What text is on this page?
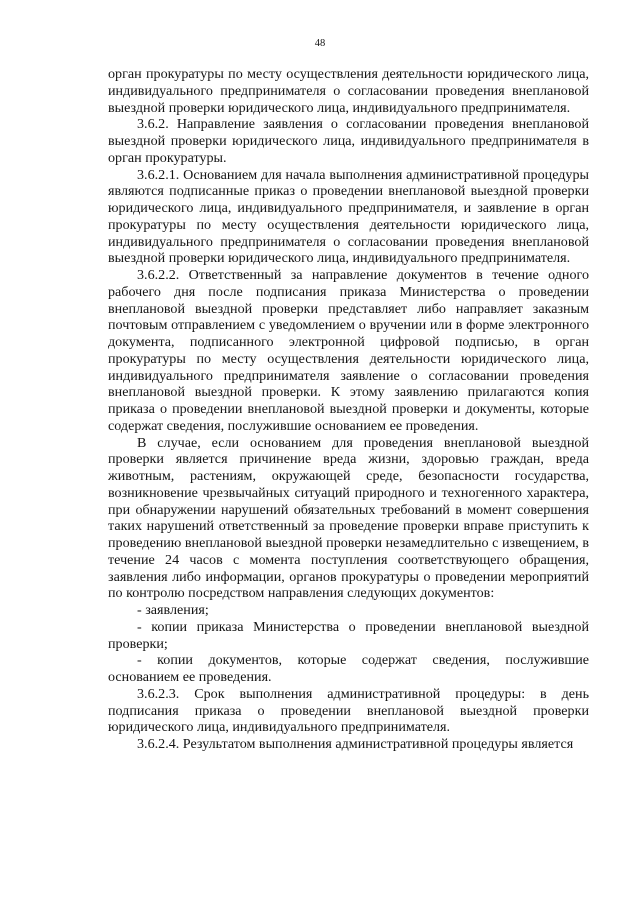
48

орган прокуратуры по месту осуществления деятельности юридического лица, индивидуального предпринимателя о согласовании проведения внеплановой выездной проверки юридического лица, индивидуального предпринимателя.

3.6.2. Направление заявления о согласовании проведения внеплановой выездной проверки юридического лица, индивидуального предпринимателя в орган прокуратуры.

3.6.2.1. Основанием для начала выполнения административной процедуры являются подписанные приказ о проведении внеплановой выездной проверки юридического лица, индивидуального предпринимателя, и заявление в орган прокуратуры по месту осуществления деятельности юридического лица, индивидуального предпринимателя о согласовании проведения внеплановой выездной проверки юридического лица, индивидуального предпринимателя.

3.6.2.2. Ответственный за направление документов в течение одного рабочего дня после подписания приказа Министерства о проведении внеплановой выездной проверки представляет либо направляет заказным почтовым отправлением с уведомлением о вручении или в форме электронного документа, подписанного электронной цифровой подписью, в орган прокуратуры по месту осуществления деятельности юридического лица, индивидуального предпринимателя заявление о согласовании проведения внеплановой выездной проверки. К этому заявлению прилагаются копия приказа о проведении внеплановой выездной проверки и документы, которые содержат сведения, послужившие основанием ее проведения.

В случае, если основанием для проведения внеплановой выездной проверки является причинение вреда жизни, здоровью граждан, вреда животным, растениям, окружающей среде, безопасности государства, возникновение чрезвычайных ситуаций природного и техногенного характера, при обнаружении нарушений обязательных требований в момент совершения таких нарушений ответственный за проведение проверки вправе приступить к проведению внеплановой выездной проверки незамедлительно с извещением, в течение 24 часов с момента поступления соответствующего обращения, заявления либо информации, органов прокуратуры о проведении мероприятий по контролю посредством направления следующих документов:

- заявления;

- копии приказа Министерства о проведении внеплановой выездной проверки;

- копии документов, которые содержат сведения, послужившие основанием ее проведения.

3.6.2.3. Срок выполнения административной процедуры: в день подписания приказа о проведении внеплановой выездной проверки юридического лица, индивидуального предпринимателя.

3.6.2.4. Результатом выполнения административной процедуры является
